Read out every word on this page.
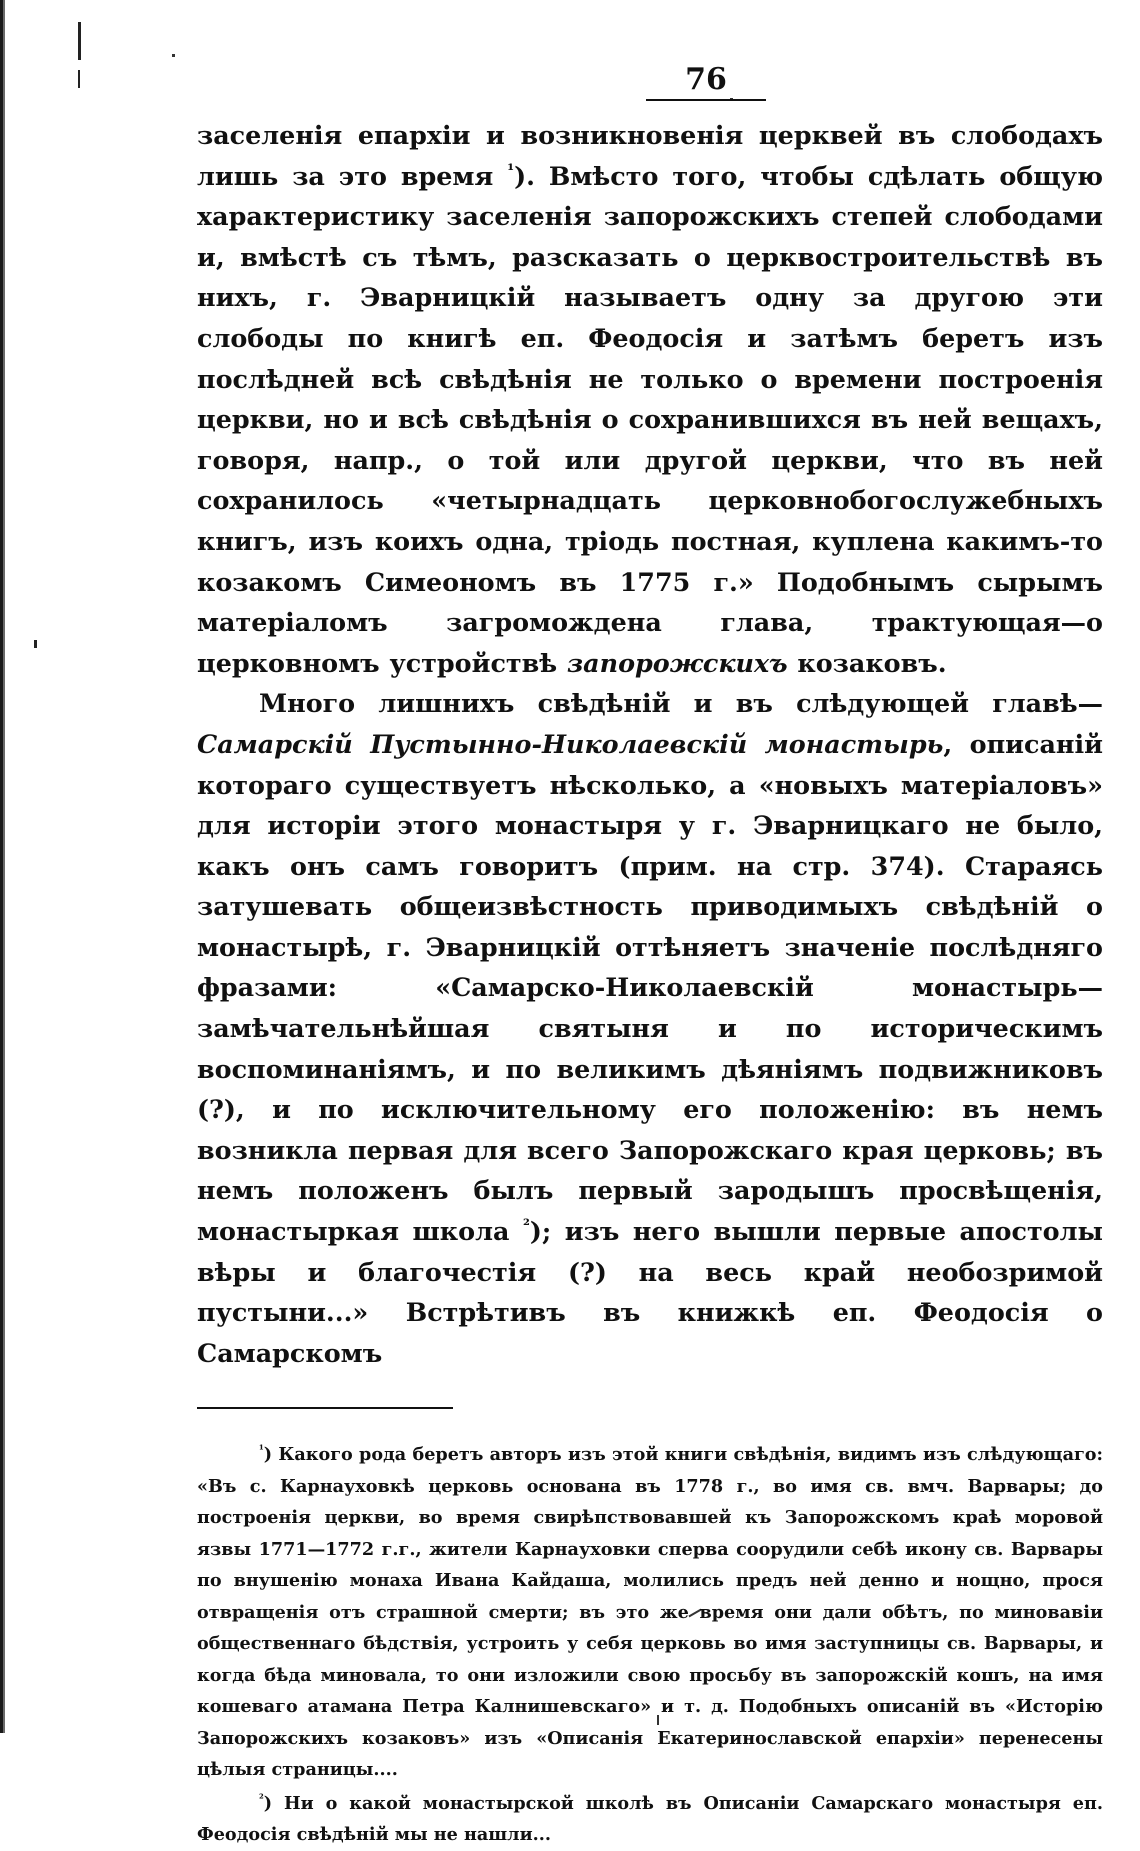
76

заселенія епархіи и возникновенія церквей въ слободахъ лишь за это время $^{^1}$). Вмѣсто того, чтобы сдѣлать общую характеристику заселенія запорожскихъ степей слободами и, вмѣстѣ съ тѣмъ, разсказать о церквостроительствѣ въ нихъ, г. Эварницкій называетъ одну за другою эти слободы по книгѣ еп. Феодосія и затѣмъ беретъ изъ послѣдней всѣ свѣдѣнія не только о времени построенія церкви, но и всѣ свѣдѣнія о сохранившихся въ ней вещахъ, говоря, напр., о той или другой церкви, что въ ней сохранилось «четырнадцать церковнобогослужебныхъ книгъ, изъ коихъ одна, тріодь постная, куплена какимъ-то козакомъ Симеономъ въ 1775 г.» Подобнымъ сырымъ матеріаломъ загромождена глава, трактующая—о церковномъ устройствѣ запорожскихъ козаковъ.

Много лишнихъ свѣдѣній и въ слѣдующей главѣ—Самарскій Пустынно-Николаевскій монастырь, описаній котораго существуетъ нѣсколько, а «новыхъ матеріаловъ» для исторіи этого монастыря у г. Эварницкаго не было, какъ онъ самъ говоритъ (прим. на стр. 374). Стараясь затушевать общеизвѣстность приводимыхъ свѣдѣній о монастырѣ, г. Эварницкій оттѣняетъ значеніе послѣдняго фразами: «Самарско-Николаевскій монастырь—замѣчательнѣйшая святыня и по историческимъ воспоминаніямъ, и по великимъ дѣяніямъ подвижниковъ (?), и по исключительному его положенію: въ немъ возникла первая для всего Запорожскаго края церковь; въ немъ положенъ былъ первый зародышъ просвѣщенія, монастыркая школа $^{^2}$); изъ него вышли первые апостолы вѣры и благочестія (?) на весь край необозримой пустыни...» Встрѣтивъ въ книжкѣ еп. Феодосія о Самарскомъ

$^{^1}$) Какого рода беретъ авторъ изъ этой книги свѣдѣнія, видимъ изъ слѣдующаго: «Въ с. Карнауховкѣ церковь основана въ 1778 г., во имя св. вмч. Варвары; до построенія церкви, во время свирѣпствовавшей къ Запорожскомъ краѣ моровой язвы 1771—1772 г.г., жители Карнауховки сперва соорудили себѣ икону св. Варвары по внушенію монаха Ивана Кайдаша, молились предъ ней денно и нощно, прося отвращенія отъ страшной смерти; въ это же время они дали обѣтъ, по миновавіи общественнаго бѣдствія, устроить у себя церковь во имя заступницы св. Варвары, и когда бѣда миновала, то они изложили свою просьбу въ запорожскій кошъ, на имя кошеваго атамана Петра Калнишевскаго» и т. д. Подобныхъ описаній въ «Исторію Запорожскихъ козаковъ» изъ «Описанія Екатеринославской епархіи» перенесены цѣлыя страницы....

$^{^2}$) Ни о какой монастырской школѣ въ Описаніи Самарскаго монастыря еп. Феодосія свѣдѣній мы не нашли...
